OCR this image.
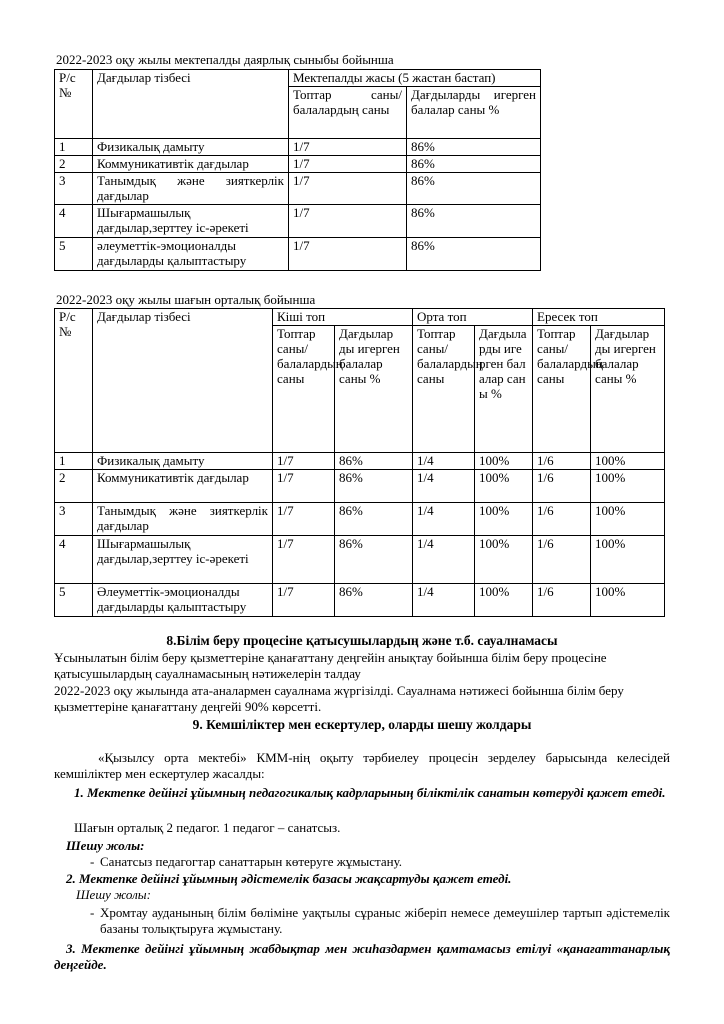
2022-2023 оқу жылы мектепалды даярлық сыныбы бойынша
Р/с №	Дағдылар тізбесі	Мектепалды жасы (5 жастан бастап)	
		Топтар саны/ балалардың саны	Дағдыларды игерген балалар саны %
1	Физикалық дамыту	1/7	86%
2	Коммуникативтік дағдылар	1/7	86%
3	Танымдық және зияткерлік дағдылар	1/7	86%
4	Шығармашылық дағдылар,зерттеу іс-әрекеті	1/7	86%
5	әлеуметтік-эмоционалды дағдыларды қалыптастыру	1/7	86%
2022-2023 оқу жылы шағын орталық бойынша
Р/с №	Дағдылар тізбесі	Кіші топ		Орта топ		Ересек топ	
		Топтар саны/ балалардың саны	Дағдылар ды игерген балалар саны %	Топтар саны/ балалардың саны	Дағдыларды игерген балалар саны %	Топтар саны/ балалардың саны	Дағдылар ды игерген балалар саны %
1	Физикалық дамыту	1/7	86%	1/4	100%	1/6	100%
2	Коммуникативтік дағдылар	1/7	86%	1/4	100%	1/6	100%
3	Танымдық және зияткерлік дағдылар	1/7	86%	1/4	100%	1/6	100%
4	Шығармашылық дағдылар,зерттеу іс-әрекеті	1/7	86%	1/4	100%	1/6	100%
5	Әлеуметтік-эмоционалды дағдыларды қалыптастыру	1/7	86%	1/4	100%	1/6	100%
8.Білім беру процесіне қатысушылардың және т.б. сауалнамасы
Ұсынылатын білім беру қызметтеріне қанағаттану деңгейін анықтау бойынша білім беру процесіне қатысушылардың сауалнамасының нәтижелерін талдау
2022-2023 оқу жылында ата-аналармен сауалнама жүргізілді. Сауалнама нәтижесі бойынша білім беру қызметтеріне қанағаттану деңгейі 90% көрсетті.
9. Кемшіліктер мен ескертулер, оларды шешу жолдары
«Қызылсу орта мектебі» КММ-нің оқыту тәрбиелеу процесін зерделеу барысында келесідей кемшіліктер мен ескертулер жасалды:
1. Мектепке дейінгі ұйымның педагогикалық кадрларының біліктілік санатын көтеруді қажет етеді.
Шағын орталық 2 педагог. 1 педагог – санатсыз.
Шешу жолы:
- Санатсыз педагогтар санаттарын көтеруге жұмыстану.
2. Мектепке дейінгі ұйымның әдістемелік базасы жақсартуды қажет етеді.
Шешу жолы:
- Хромтау ауданының білім бөліміне уақтылы сұраныс жіберіп немесе демеушілер тартып әдістемелік базаны толықтыруға жұмыстану.
3. Мектепке дейінгі ұйымның жабдықтар мен жиһаздармен қамтамасыз етілуі «қанағаттанарлық деңгейде.
